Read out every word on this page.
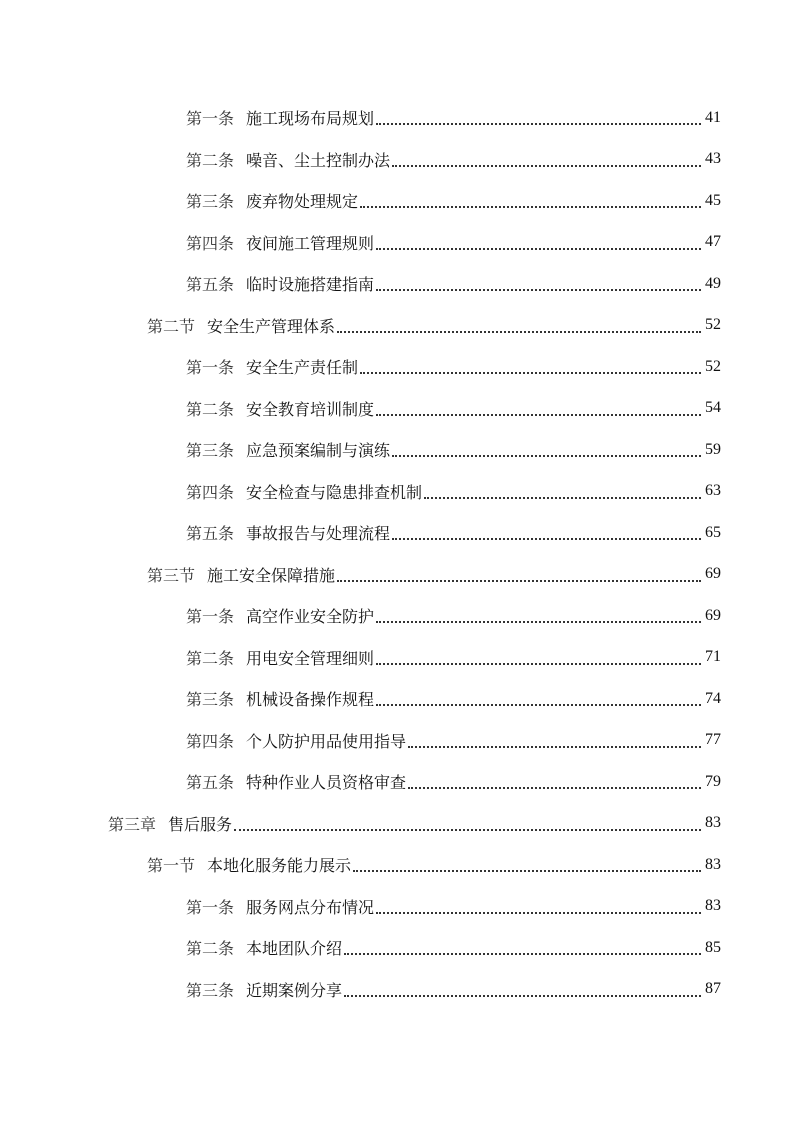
第一条 施工现场布局规划	41
第二条 噪音、尘土控制办法	43
第三条 废弃物处理规定	45
第四条 夜间施工管理规则	47
第五条 临时设施搭建指南	49
第二节 安全生产管理体系	52
第一条 安全生产责任制	52
第二条 安全教育培训制度	54
第三条 应急预案编制与演练	59
第四条 安全检查与隐患排查机制	63
第五条 事故报告与处理流程	65
第三节 施工安全保障措施	69
第一条 高空作业安全防护	69
第二条 用电安全管理细则	71
第三条 机械设备操作规程	74
第四条 个人防护用品使用指导	77
第五条 特种作业人员资格审查	79
第三章 售后服务	83
第一节 本地化服务能力展示	83
第一条 服务网点分布情况	83
第二条 本地团队介绍	85
第三条 近期案例分享	87
